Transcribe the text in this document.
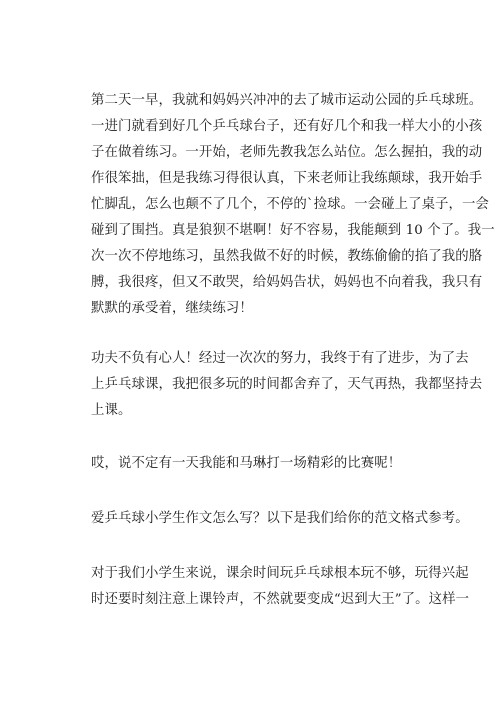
第二天一早，我就和妈妈兴冲冲的去了城市运动公园的乒乓球班。
一进门就看到好几个乒乓球台子，还有好几个和我一样大小的小孩
子在做着练习。一开始，老师先教我怎么站位。怎么握拍，我的动
作很笨拙，但是我练习得很认真，下来老师让我练颠球，我开始手
忙脚乱，怎么也颠不了几个，不停的`捡球。一会碰上了桌子，一会
碰到了围挡。真是狼狈不堪啊！好不容易，我能颠到 10 个了。我一
次一次不停地练习，虽然我做不好的时候，教练偷偷的掐了我的胳
膊，我很疼，但又不敢哭，给妈妈告状，妈妈也不向着我，我只有
默默的承受着，继续练习！
功夫不负有心人！经过一次次的努力，我终于有了进步，为了去
上乒乓球课，我把很多玩的时间都舍弃了，天气再热，我都坚持去
上课。
哎，说不定有一天我能和马琳打一场精彩的比赛呢！
爱乒乓球小学生作文怎么写？以下是我们给你的范文格式参考。
对于我们小学生来说，课余时间玩乒乓球根本玩不够，玩得兴起
时还要时刻注意上课铃声，不然就要变成“迟到大王”了。这样一
